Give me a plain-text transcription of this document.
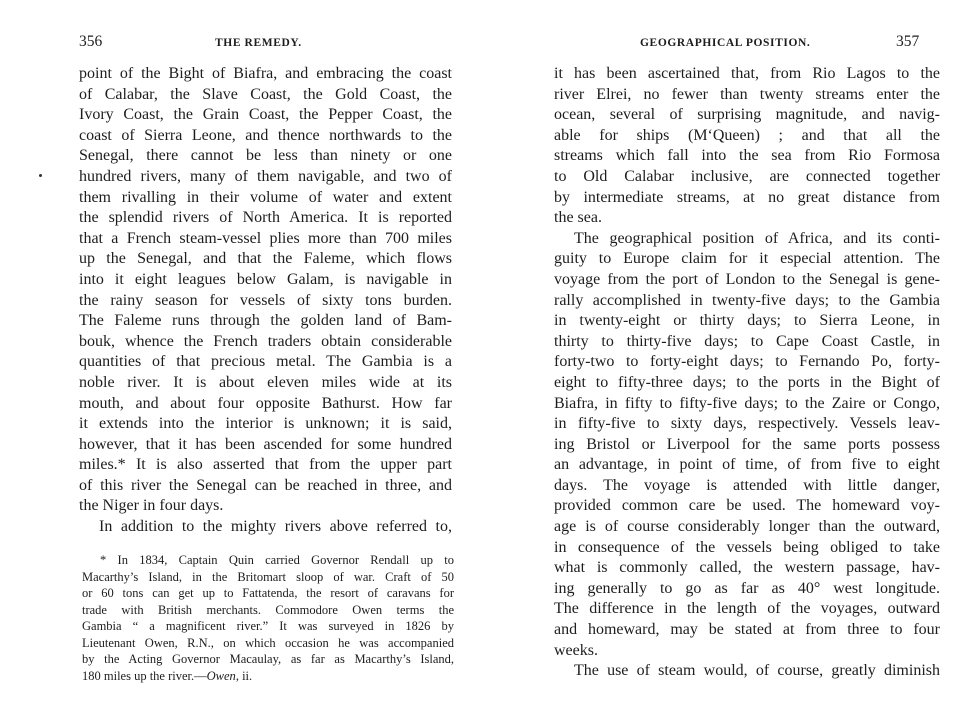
356	THE REMEDY.
point of the Bight of Biafra, and embracing the coast
of Calabar, the Slave Coast, the Gold Coast, the
Ivory Coast, the Grain Coast, the Pepper Coast, the
coast of Sierra Leone, and thence northwards to the
Senegal, there cannot be less than ninety or one
hundred rivers, many of them navigable, and two of
them rivalling in their volume of water and extent
the splendid rivers of North America. It is reported
that a French steam-vessel plies more than 700 miles
up the Senegal, and that the Faleme, which flows
into it eight leagues below Galam, is navigable in
the rainy season for vessels of sixty tons burden.
The Faleme runs through the golden land of Bam-
bouk, whence the French traders obtain considerable
quantities of that precious metal. The Gambia is a
noble river. It is about eleven miles wide at its
mouth, and about four opposite Bathurst. How far
it extends into the interior is unknown; it is said,
however, that it has been ascended for some hundred
miles.* It is also asserted that from the upper part
of this river the Senegal can be reached in three, and
the Niger in four days.
In addition to the mighty rivers above referred to,
* In 1834, Captain Quin carried Governor Rendall up to
Macarthy’s Island, in the Britomart sloop of war. Craft of 50
or 60 tons can get up to Fattatenda, the resort of caravans for
trade with British merchants. Commodore Owen terms the
Gambia “ a magnificent river.” It was surveyed in 1826 by
Lieutenant Owen, R.N., on which occasion he was accompanied
by the Acting Governor Macaulay, as far as Macarthy’s Island,
180 miles up the river.—Owen, ii.
GEOGRAPHICAL POSITION.	357
it has been ascertained that, from Rio Lagos to the
river Elrei, no fewer than twenty streams enter the
ocean, several of surprising magnitude, and navig-
able for ships (M‘Queen) ; and that all the
streams which fall into the sea from Rio Formosa
to Old Calabar inclusive, are connected together
by intermediate streams, at no great distance from
the sea.
The geographical position of Africa, and its conti-
guity to Europe claim for it especial attention. The
voyage from the port of London to the Senegal is gene-
rally accomplished in twenty-five days; to the Gambia
in twenty-eight or thirty days; to Sierra Leone, in
thirty to thirty-five days; to Cape Coast Castle, in
forty-two to forty-eight days; to Fernando Po, forty-
eight to fifty-three days; to the ports in the Bight of
Biafra, in fifty to fifty-five days; to the Zaire or Congo,
in fifty-five to sixty days, respectively. Vessels leav-
ing Bristol or Liverpool for the same ports possess
an advantage, in point of time, of from five to eight
days. The voyage is attended with little danger,
provided common care be used. The homeward voy-
age is of course considerably longer than the outward,
in consequence of the vessels being obliged to take
what is commonly called, the western passage, hav-
ing generally to go as far as 40° west longitude.
The difference in the length of the voyages, outward
and homeward, may be stated at from three to four
weeks.
The use of steam would, of course, greatly diminish
